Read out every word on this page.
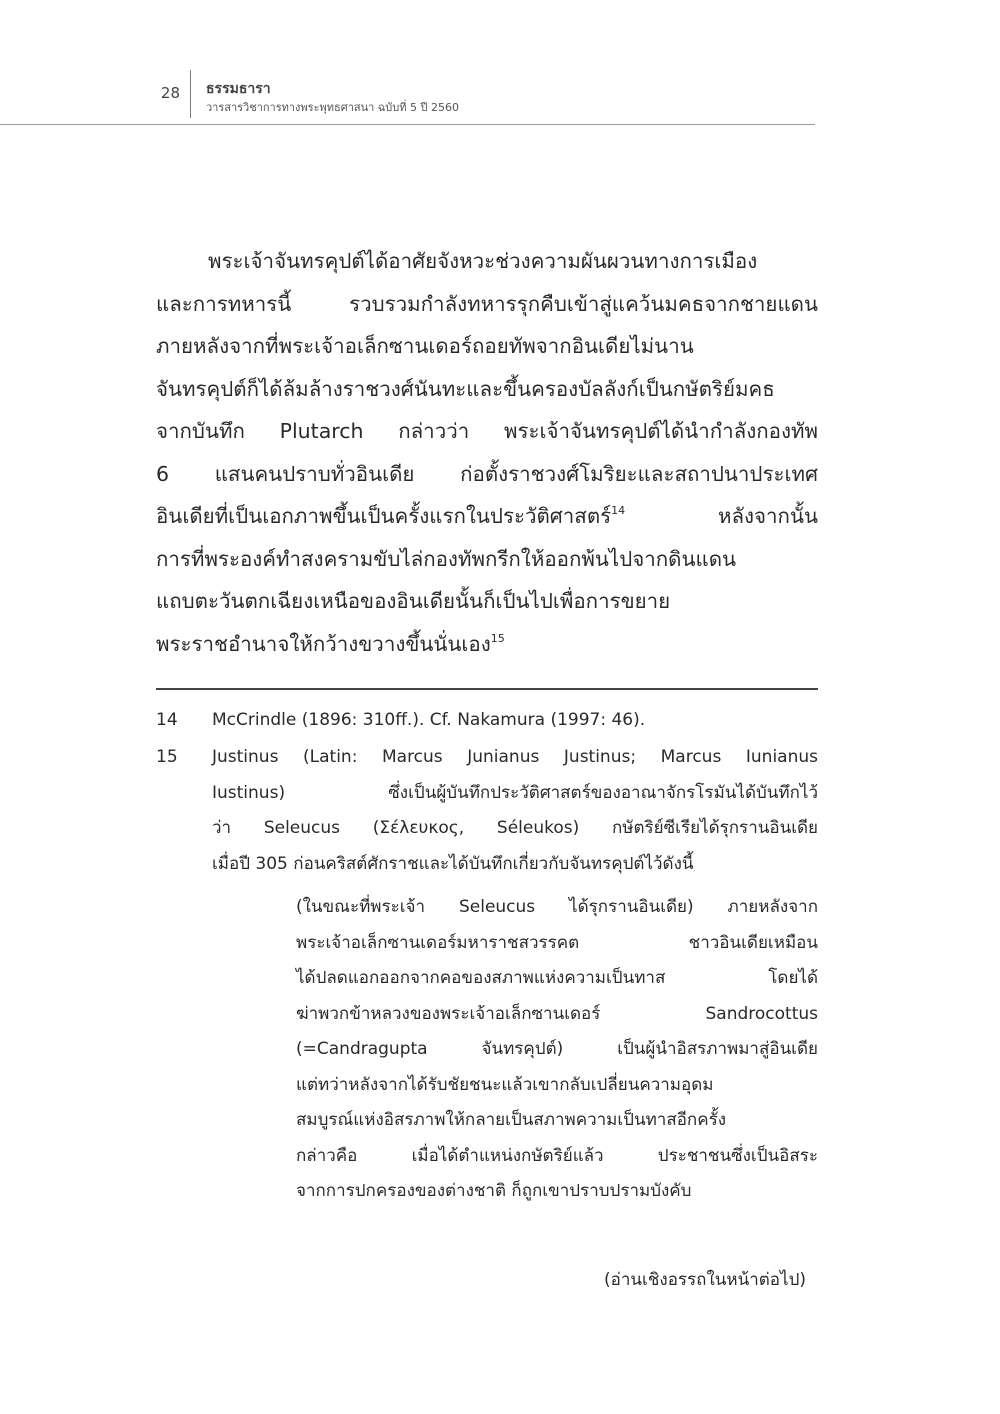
28 ธรรมธารา
วารสารวิชาการทางพระพุทธศาสนา ฉบับที่ 5 ปี 2560
พระเจ้าจันทรคุปต์ได้อาศัยจังหวะช่วงความผันผวนทางการเมือง
และการทหารนี้ รวบรวมกำลังทหารรุกคืบเข้าสู่แคว้นมคธจากชายแดน
ภายหลังจากที่พระเจ้าอเล็กซานเดอร์ถอยทัพจากอินเดียไม่นาน
จันทรคุปต์ก็ได้ล้มล้างราชวงศ์นันทะและขึ้นครองบัลลังก์เป็นกษัตริย์มคธ
จากบันทึก Plutarch กล่าวว่า พระเจ้าจันทรคุปต์ได้นำกำลังกองทัพ
6 แสนคนปราบทั่วอินเดีย ก่อตั้งราชวงศ์โมริยะและสถาปนาประเทศ
อินเดียที่เป็นเอกภาพขึ้นเป็นครั้งแรกในประวัติศาสตร์$^{14}$ หลังจากนั้น
การที่พระองค์ทำสงครามขับไล่กองทัพกรีกให้ออกพ้นไปจากดินแดน
แถบตะวันตกเฉียงเหนือของอินเดียนั้นก็เป็นไปเพื่อการขยาย
พระราชอำนาจให้กว้างขวางขึ้นนั่นเอง$^{15}$
14	McCrindle (1896: 310ff.). Cf. Nakamura (1997: 46).
15	Justinus (Latin: Marcus Junianus Justinus; Marcus Iunianus
Iustinus) ซึ่งเป็นผู้บันทึกประวัติศาสตร์ของอาณาจักรโรมันได้บันทึกไว้
ว่า Seleucus (Σέλευκος, Séleukos) กษัตริย์ซีเรียได้รุกรานอินเดีย
เมื่อปี 305 ก่อนคริสต์ศักราชและได้บันทึกเกี่ยวกับจันทรคุปต์ไว้ดังนี้
(ในขณะที่พระเจ้า Seleucus ได้รุกรานอินเดีย) ภายหลังจาก
พระเจ้าอเล็กซานเดอร์มหาราชสวรรคต ชาวอินเดียเหมือน
ได้ปลดแอกออกจากคอของสภาพแห่งความเป็นทาส โดยได้
ฆ่าพวกข้าหลวงของพระเจ้าอเล็กซานเดอร์ Sandrocottus
(=Candragupta จันทรคุปต์) เป็นผู้นำอิสรภาพมาสู่อินเดีย
แต่ทว่าหลังจากได้รับชัยชนะแล้วเขากลับเปลี่ยนความอุดม
สมบูรณ์แห่งอิสรภาพให้กลายเป็นสภาพความเป็นทาสอีกครั้ง
กล่าวคือ เมื่อได้ตำแหน่งกษัตริย์แล้ว ประชาชนซึ่งเป็นอิสระ
จากการปกครองของต่างชาติ ก็ถูกเขาปราบปรามบังคับ
(อ่านเชิงอรรถในหน้าต่อไป)
